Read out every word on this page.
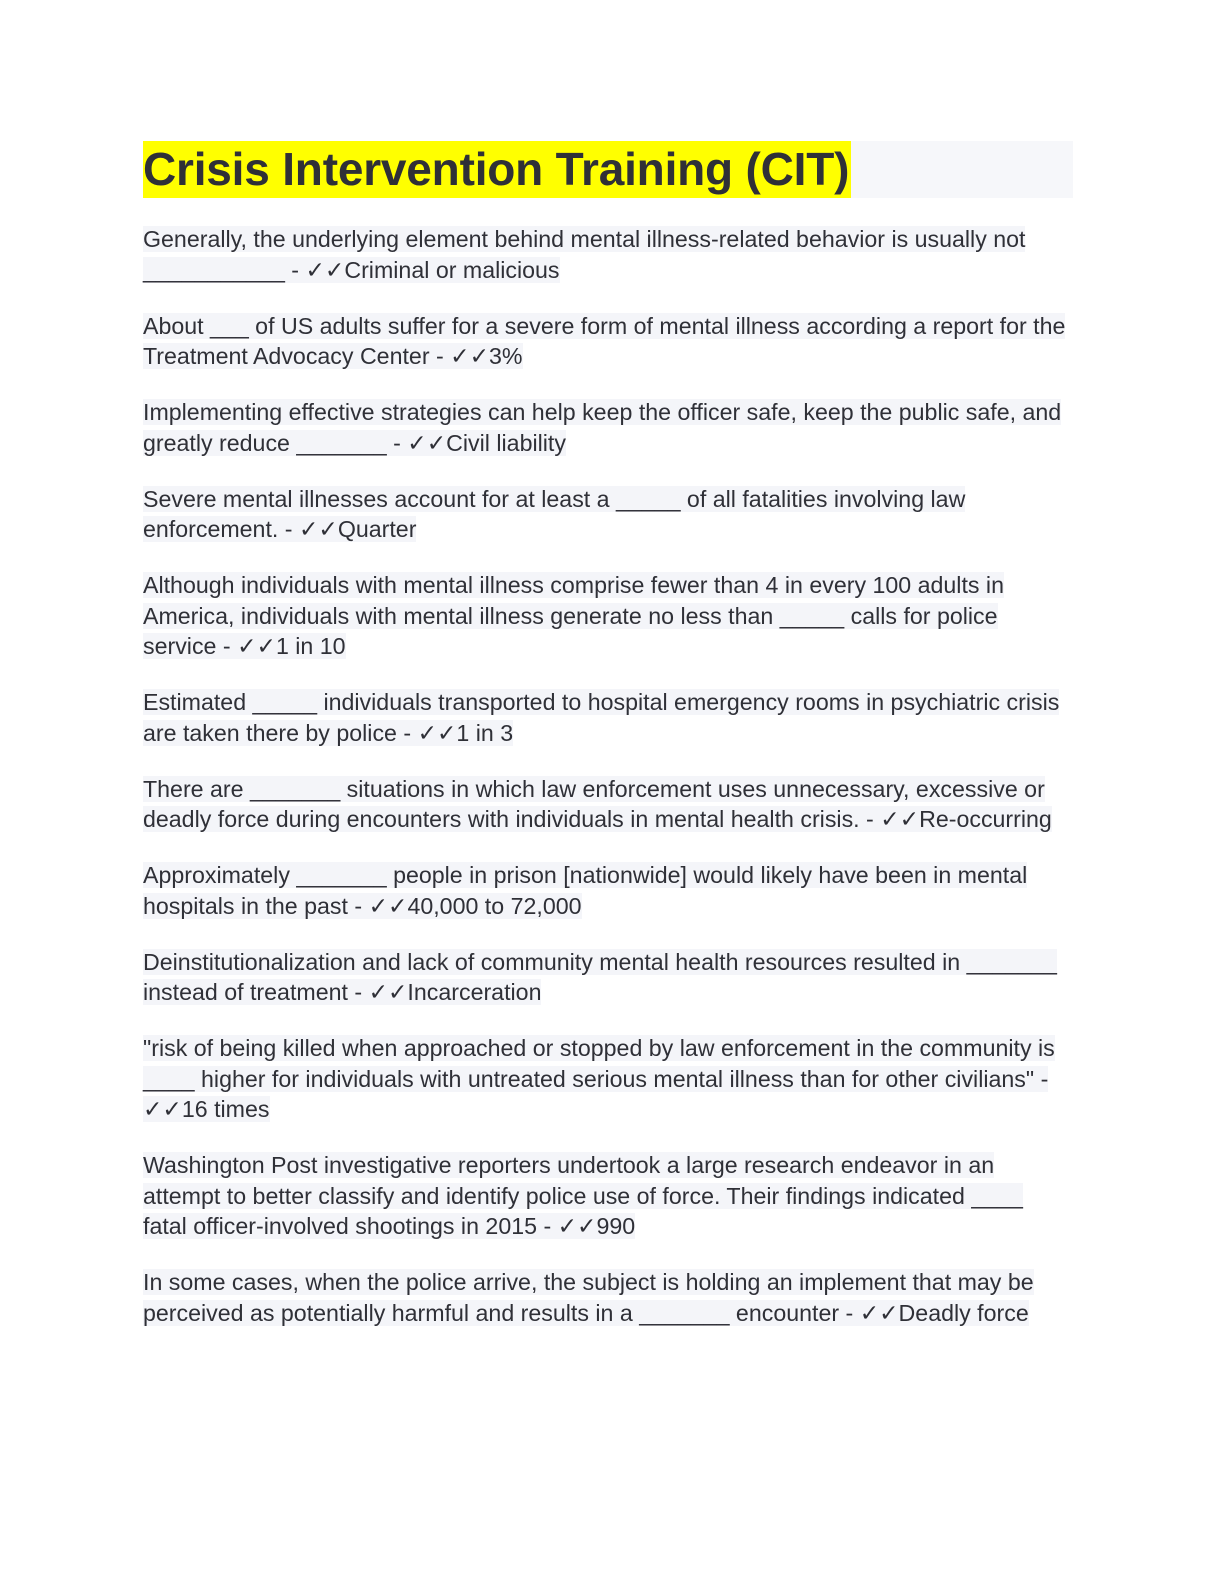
Crisis Intervention Training (CIT)

Generally, the underlying element behind mental illness-related behavior is usually not ___________ - ✓✓Criminal or malicious

About ___ of US adults suffer for a severe form of mental illness according a report for the Treatment Advocacy Center - ✓✓3%

Implementing effective strategies can help keep the officer safe, keep the public safe, and greatly reduce _______ - ✓✓Civil liability

Severe mental illnesses account for at least a _____ of all fatalities involving law enforcement. - ✓✓Quarter

Although individuals with mental illness comprise fewer than 4 in every 100 adults in America, individuals with mental illness generate no less than _____ calls for police service - ✓✓1 in 10

Estimated _____ individuals transported to hospital emergency rooms in psychiatric crisis are taken there by police - ✓✓1 in 3

There are _______ situations in which law enforcement uses unnecessary, excessive or deadly force during encounters with individuals in mental health crisis. - ✓✓Re-occurring

Approximately _______ people in prison [nationwide] would likely have been in mental hospitals in the past - ✓✓40,000 to 72,000

Deinstitutionalization and lack of community mental health resources resulted in _______ instead of treatment - ✓✓Incarceration

"risk of being killed when approached or stopped by law enforcement in the community is ____ higher for individuals with untreated serious mental illness than for other civilians" - ✓✓16 times

Washington Post investigative reporters undertook a large research endeavor in an attempt to better classify and identify police use of force. Their findings indicated ____ fatal officer-involved shootings in 2015 - ✓✓990

In some cases, when the police arrive, the subject is holding an implement that may be perceived as potentially harmful and results in a _______ encounter - ✓✓Deadly force
